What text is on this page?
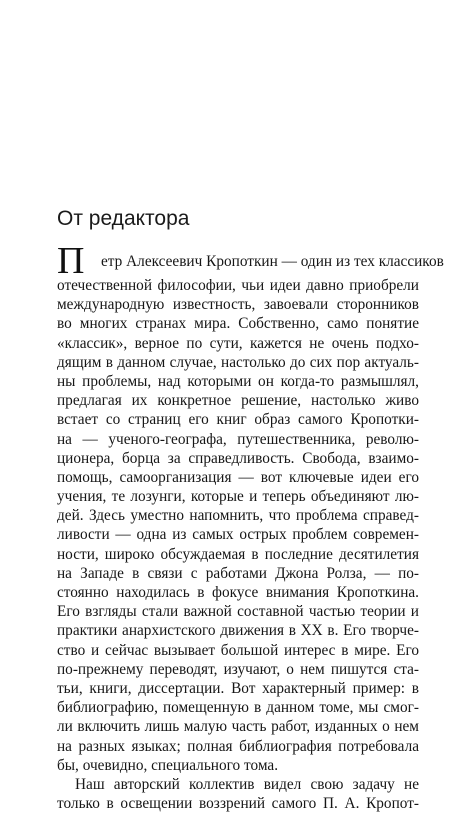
От редактора
П етр Алексеевич Кропоткин — один из тех классиков
отечественной философии, чьи идеи давно приобрели
международную известность, завоевали сторонников
во многих странах мира. Собственно, само понятие
«классик», верное по сути, кажется не очень подхо-
дящим в данном случае, настолько до сих пор актуаль-
ны проблемы, над которыми он когда-то размышлял,
предлагая их конкретное решение, настолько живо
встает со страниц его книг образ самого Кропотки-
на — ученого-географа, путешественника, револю-
ционера, борца за справедливость. Свобода, взаимо-
помощь, самоорганизация — вот ключевые идеи его
учения, те лозунги, которые и теперь объединяют лю-
дей. Здесь уместно напомнить, что проблема справед-
ливости — одна из самых острых проблем современ-
ности, широко обсуждаемая в последние десятилетия
на Западе в связи с работами Джона Ролза, — по-
стоянно находилась в фокусе внимания Кропоткина.
Его взгляды стали важной составной частью теории и
практики анархистского движения в XX в. Его творче-
ство и сейчас вызывает большой интерес в мире. Его
по-прежнему переводят, изучают, о нем пишутся ста-
тьи, книги, диссертации. Вот характерный пример: в
библиографию, помещенную в данном томе, мы смог-
ли включить лишь малую часть работ, изданных о нем
на разных языках; полная библиография потребовала
бы, очевидно, специального тома.
Наш авторский коллектив видел свою задачу не
только в освещении воззрений самого П. А. Кропот-
